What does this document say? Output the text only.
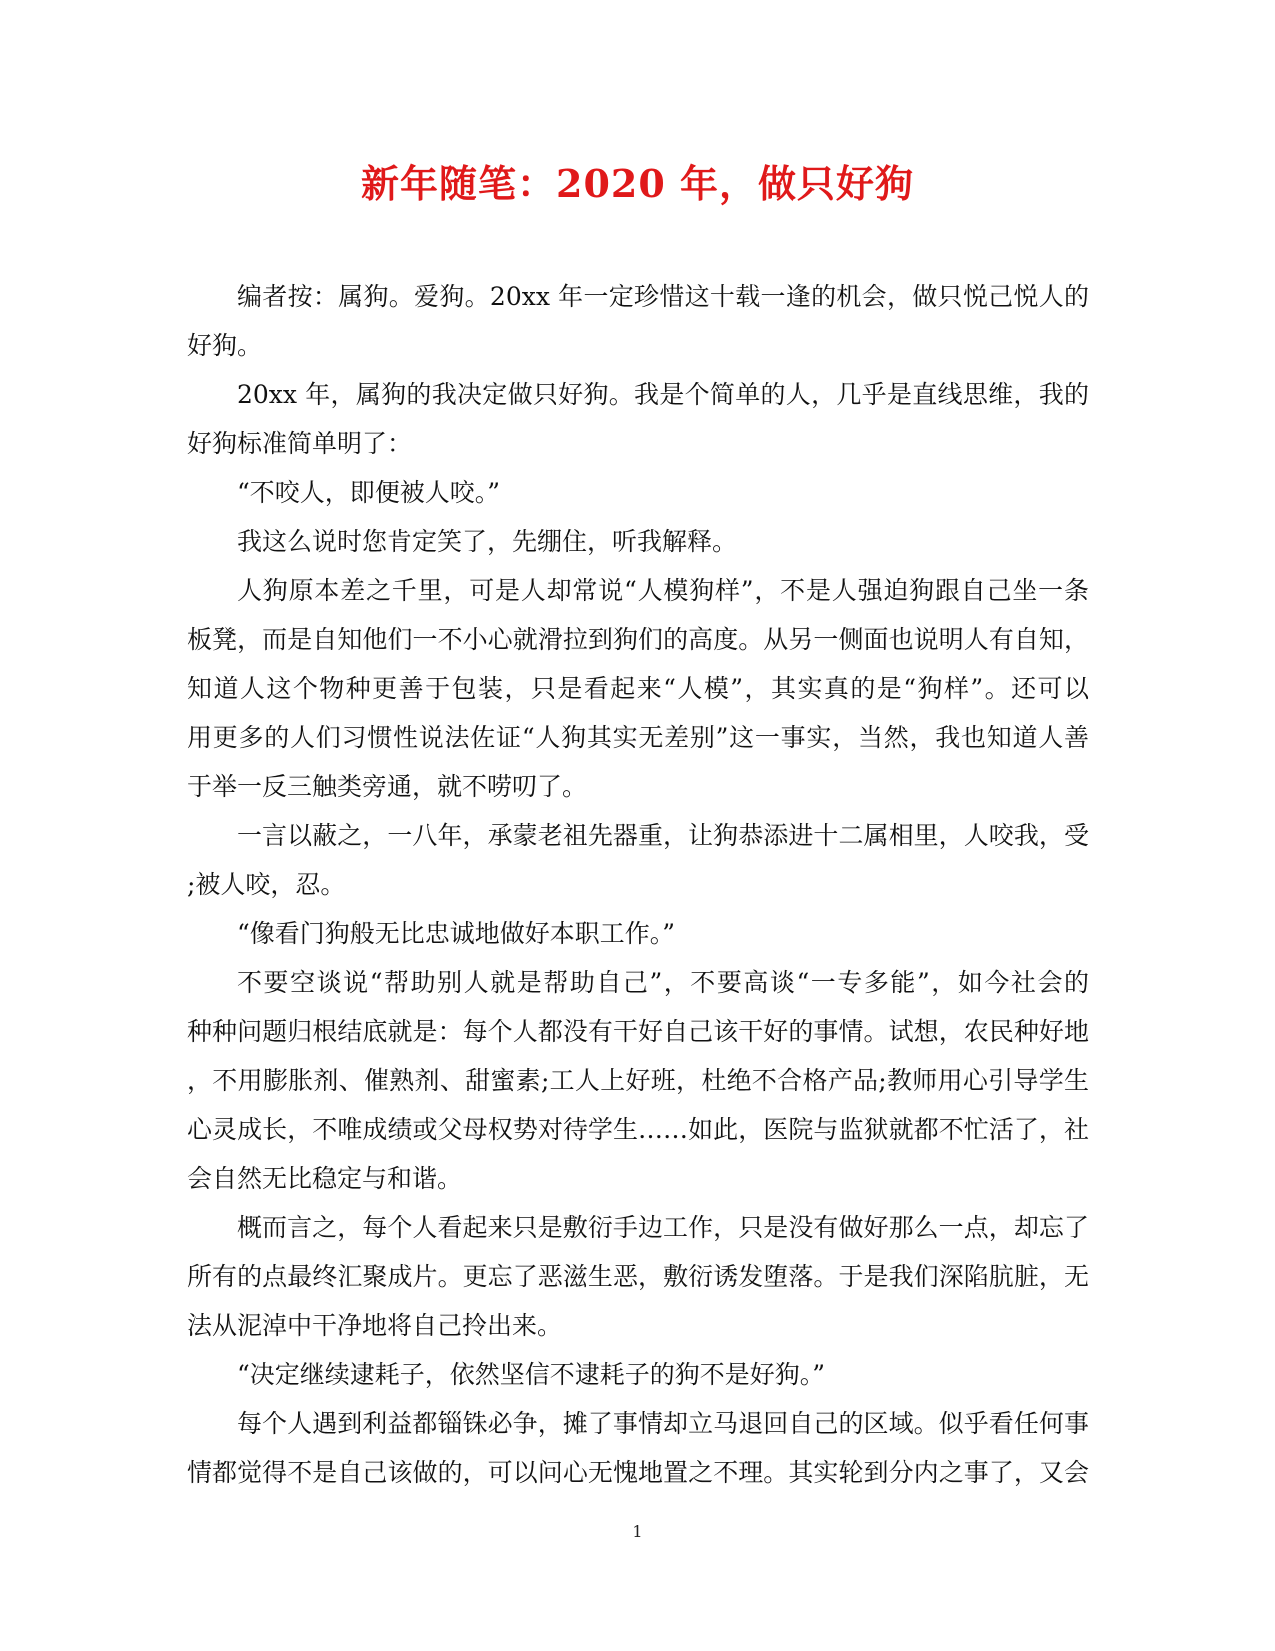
新年随笔：2020 年，做只好狗
编者按：属狗。爱狗。20xx 年一定珍惜这十载一逢的机会，做只悦己悦人的
好狗。
20xx 年，属狗的我决定做只好狗。我是个简单的人，几乎是直线思维，我的
好狗标准简单明了：
“不咬人，即便被人咬。”
我这么说时您肯定笑了，先绷住，听我解释。
人狗原本差之千里，可是人却常说“人模狗样”，不是人强迫狗跟自己坐一条
板凳，而是自知他们一不小心就滑拉到狗们的高度。从另一侧面也说明人有自知，
知道人这个物种更善于包装，只是看起来“人模”，其实真的是“狗样”。还可以
用更多的人们习惯性说法佐证“人狗其实无差别”这一事实，当然，我也知道人善
于举一反三触类旁通，就不唠叨了。
一言以蔽之，一八年，承蒙老祖先器重，让狗恭添进十二属相里，人咬我，受
;被人咬，忍。
“像看门狗般无比忠诚地做好本职工作。”
不要空谈说“帮助别人就是帮助自己”，不要高谈“一专多能”，如今社会的
种种问题归根结底就是：每个人都没有干好自己该干好的事情。试想，农民种好地
，不用膨胀剂、催熟剂、甜蜜素;工人上好班，杜绝不合格产品;教师用心引导学生
心灵成长，不唯成绩或父母权势对待学生……如此，医院与监狱就都不忙活了，社
会自然无比稳定与和谐。
概而言之，每个人看起来只是敷衍手边工作，只是没有做好那么一点，却忘了
所有的点最终汇聚成片。更忘了恶滋生恶，敷衍诱发堕落。于是我们深陷肮脏，无
法从泥淖中干净地将自己拎出来。
“决定继续逮耗子，依然坚信不逮耗子的狗不是好狗。”
每个人遇到利益都锱铢必争，摊了事情却立马退回自己的区域。似乎看任何事
情都觉得不是自己该做的，可以问心无愧地置之不理。其实轮到分内之事了，又会
1
